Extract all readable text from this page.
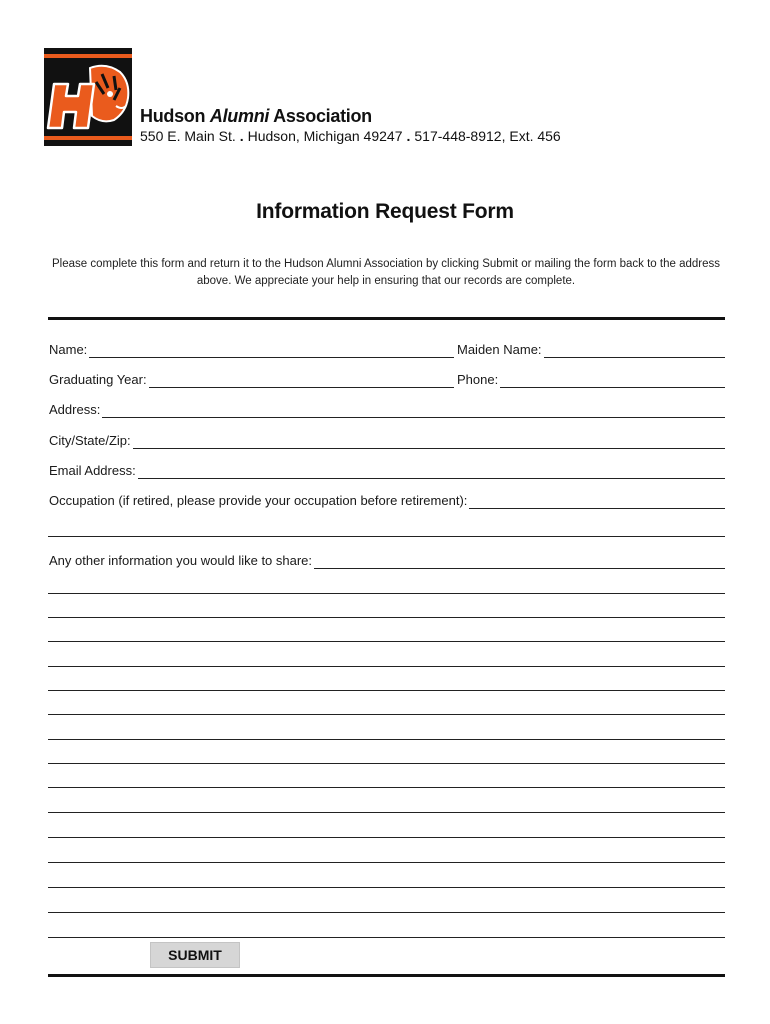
Hudson Alumni Association
550 E. Main St. . Hudson, Michigan 49247 . 517-448-8912, Ext. 456
Information Request Form

Please complete this form and return it to the Hudson Alumni Association by clicking Submit or mailing the form back to the address above. We appreciate your help in ensuring that our records are complete.

Name:	Maiden Name:
Graduating Year:	Phone:
Address:
City/State/Zip:
Email Address:
Occupation (if retired, please provide your occupation before retirement):
Any other information you would like to share:
SUBMIT
